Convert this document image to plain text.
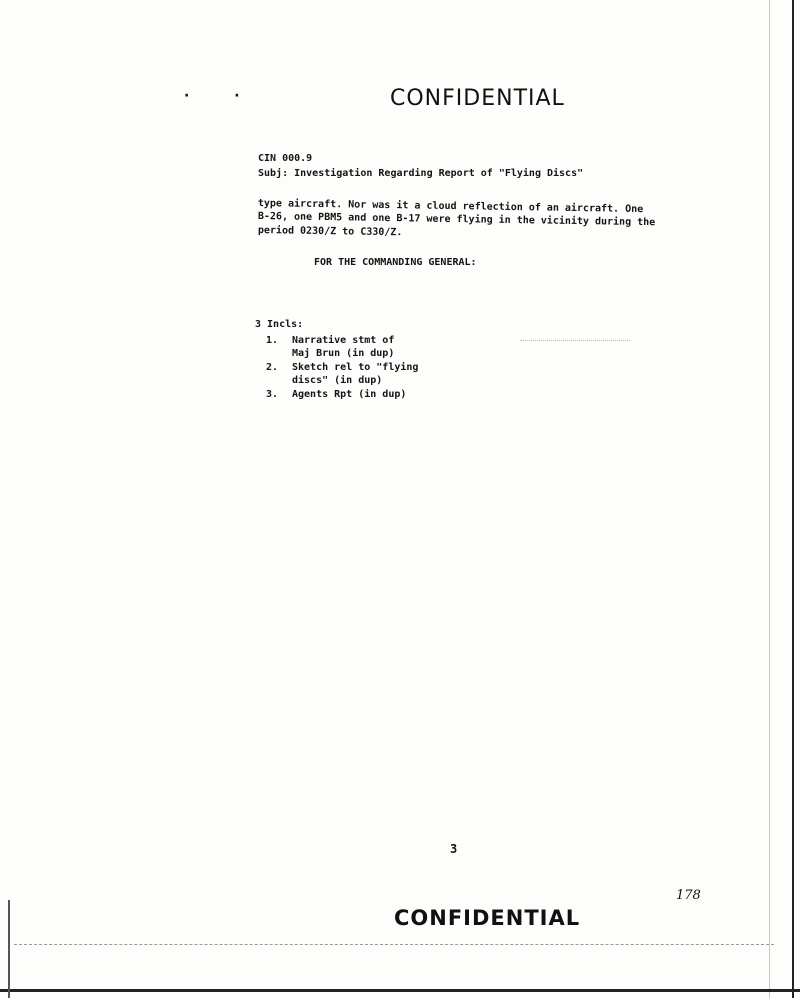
· ·	CONFIDENTIAL
CIN 000.9
Subj: Investigation Regarding Report of "Flying Discs"
type aircraft. Nor was it a cloud reflection of an aircraft. One
B-26, one PBM5 and one B-17 were flying in the vicinity during the
period 0230/Z to C330/Z.
FOR THE COMMANDING GENERAL:
3 Incls:
1. Narrative stmt of
Maj Brun (in dup)
2. Sketch rel to "flying
discs" (in dup)
3. Agents Rpt (in dup)
3
178
CONFIDENTIAL
